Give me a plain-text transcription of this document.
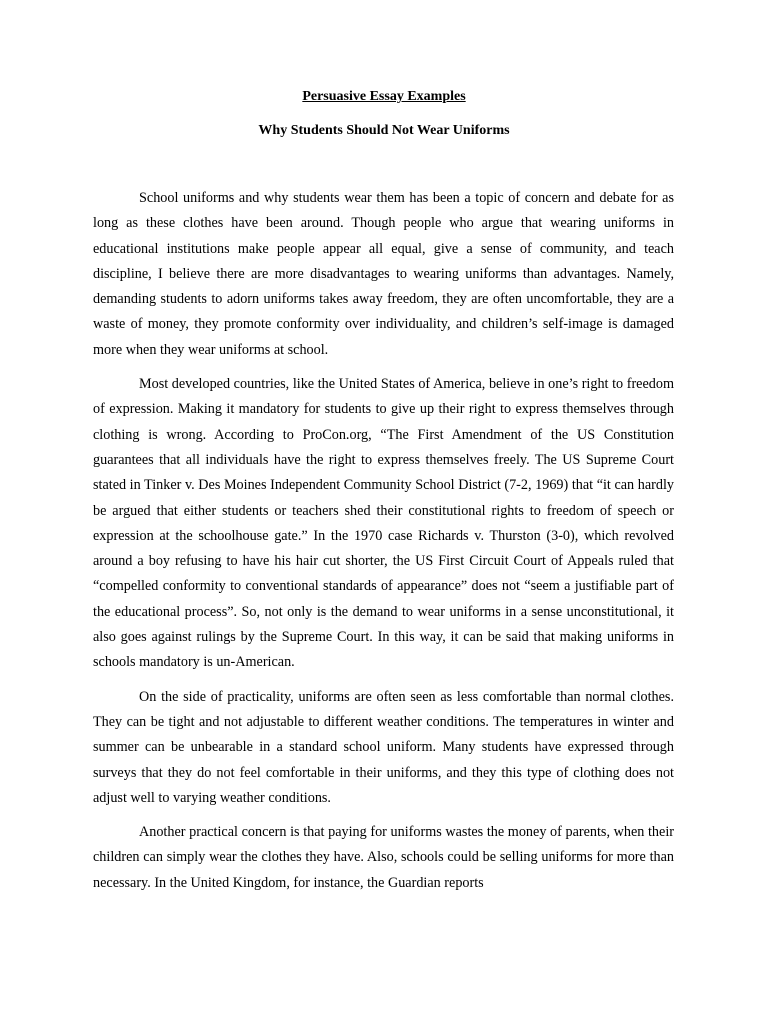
Persuasive Essay Examples
Why Students Should Not Wear Uniforms

School uniforms and why students wear them has been a topic of concern and debate for as long as these clothes have been around. Though people who argue that wearing uniforms in educational institutions make people appear all equal, give a sense of community, and teach discipline, I believe there are more disadvantages to wearing uniforms than advantages. Namely, demanding students to adorn uniforms takes away freedom, they are often uncomfortable, they are a waste of money, they promote conformity over individuality, and children’s self-image is damaged more when they wear uniforms at school.

Most developed countries, like the United States of America, believe in one’s right to freedom of expression. Making it mandatory for students to give up their right to express themselves through clothing is wrong. According to ProCon.org, “The First Amendment of the US Constitution guarantees that all individuals have the right to express themselves freely. The US Supreme Court stated in Tinker v. Des Moines Independent Community School District (7-2, 1969) that “it can hardly be argued that either students or teachers shed their constitutional rights to freedom of speech or expression at the schoolhouse gate.” In the 1970 case Richards v. Thurston (3-0), which revolved around a boy refusing to have his hair cut shorter, the US First Circuit Court of Appeals ruled that “compelled conformity to conventional standards of appearance” does not “seem a justifiable part of the educational process”. So, not only is the demand to wear uniforms in a sense unconstitutional, it also goes against rulings by the Supreme Court. In this way, it can be said that making uniforms in schools mandatory is un-American.

On the side of practicality, uniforms are often seen as less comfortable than normal clothes. They can be tight and not adjustable to different weather conditions. The temperatures in winter and summer can be unbearable in a standard school uniform. Many students have expressed through surveys that they do not feel comfortable in their uniforms, and they this type of clothing does not adjust well to varying weather conditions.

Another practical concern is that paying for uniforms wastes the money of parents, when their children can simply wear the clothes they have. Also, schools could be selling uniforms for more than necessary. In the United Kingdom, for instance, the Guardian reports
